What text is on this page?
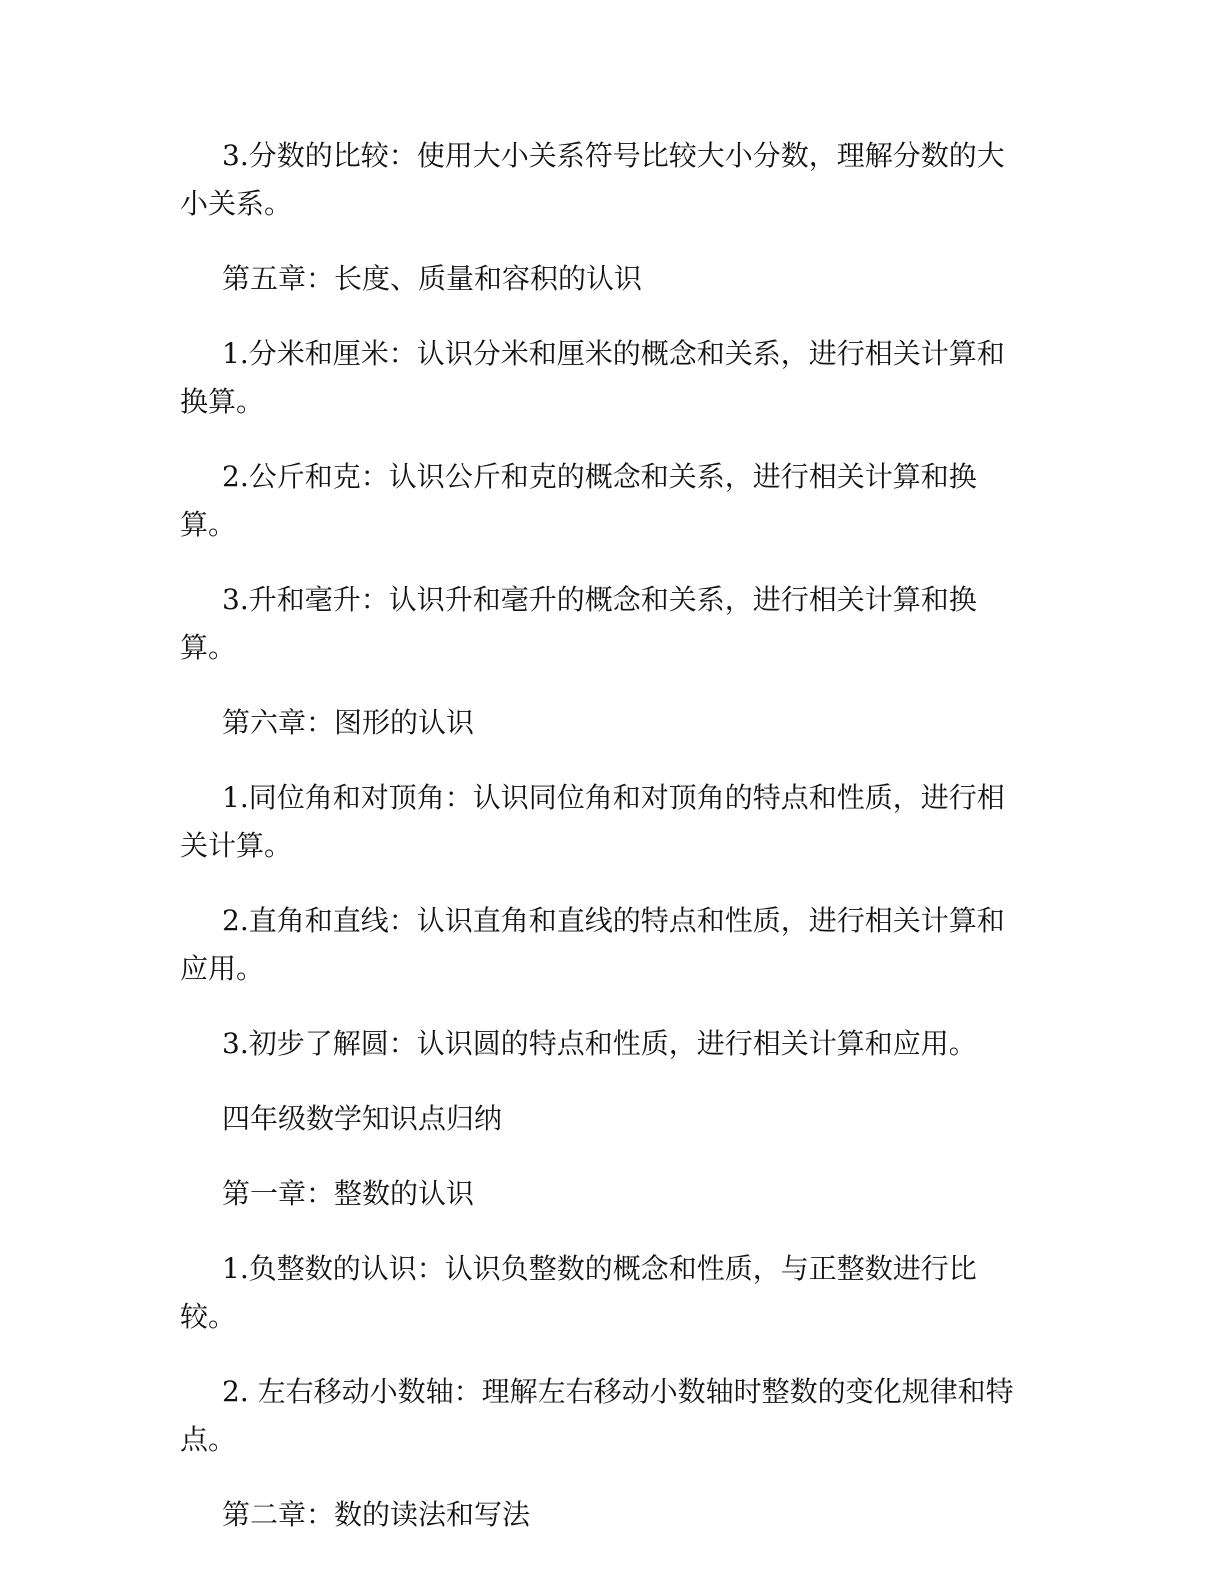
3.分数的比较：使用大小关系符号比较大小分数，理解分数的大小关系。

第五章：长度、质量和容积的认识

1.分米和厘米：认识分米和厘米的概念和关系，进行相关计算和换算。

2.公斤和克：认识公斤和克的概念和关系，进行相关计算和换算。

3.升和毫升：认识升和毫升的概念和关系，进行相关计算和换算。

第六章：图形的认识

1.同位角和对顶角：认识同位角和对顶角的特点和性质，进行相关计算。

2.直角和直线：认识直角和直线的特点和性质，进行相关计算和应用。

3.初步了解圆：认识圆的特点和性质，进行相关计算和应用。

四年级数学知识点归纳

第一章：整数的认识

1.负整数的认识：认识负整数的概念和性质，与正整数进行比较。

2. 左右移动小数轴：理解左右移动小数轴时整数的变化规律和特点。

第二章：数的读法和写法
